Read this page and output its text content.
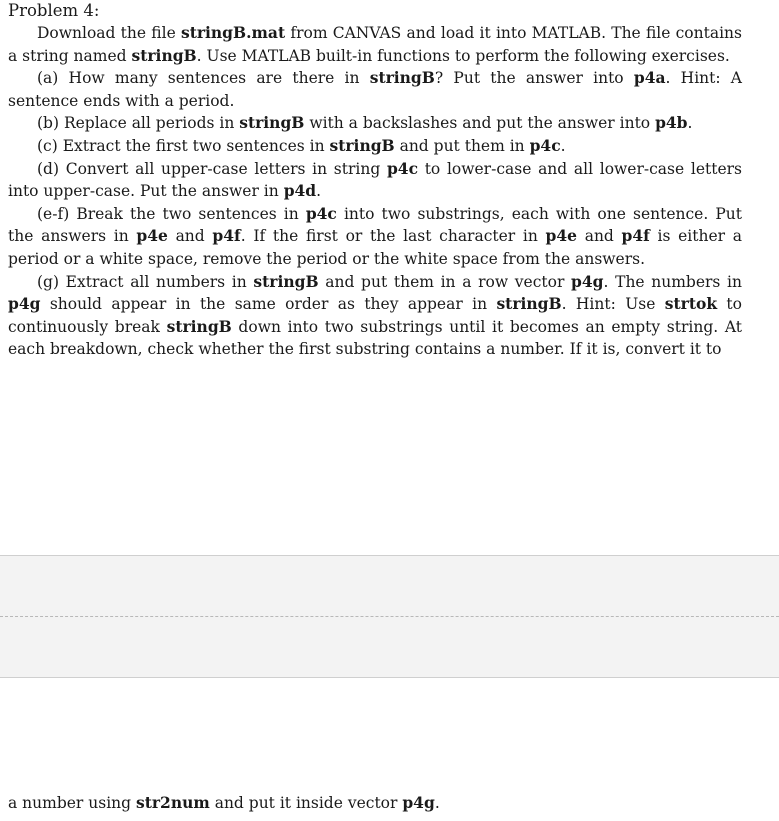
Problem 4:

Download the file stringB.mat from CANVAS and load it into MATLAB. The file contains a string named stringB. Use MATLAB built-in functions to perform the following exercises.

(a) How many sentences are there in stringB? Put the answer into p4a. Hint: A sentence ends with a period.

(b) Replace all periods in stringB with a backslashes and put the answer into p4b.

(c) Extract the first two sentences in stringB and put them in p4c.

(d) Convert all upper-case letters in string p4c to lower-case and all lower-case letters into upper-case. Put the answer in p4d.

(e-f) Break the two sentences in p4c into two substrings, each with one sentence. Put the answers in p4e and p4f. If the first or the last character in p4e and p4f is either a period or a white space, remove the period or the white space from the answers.

(g) Extract all numbers in stringB and put them in a row vector p4g. The numbers in p4g should appear in the same order as they appear in stringB. Hint: Use strtok to continuously break stringB down into two substrings until it becomes an empty string. At each breakdown, check whether the first substring contains a number. If it is, convert it to

a number using str2num and put it inside vector p4g.
